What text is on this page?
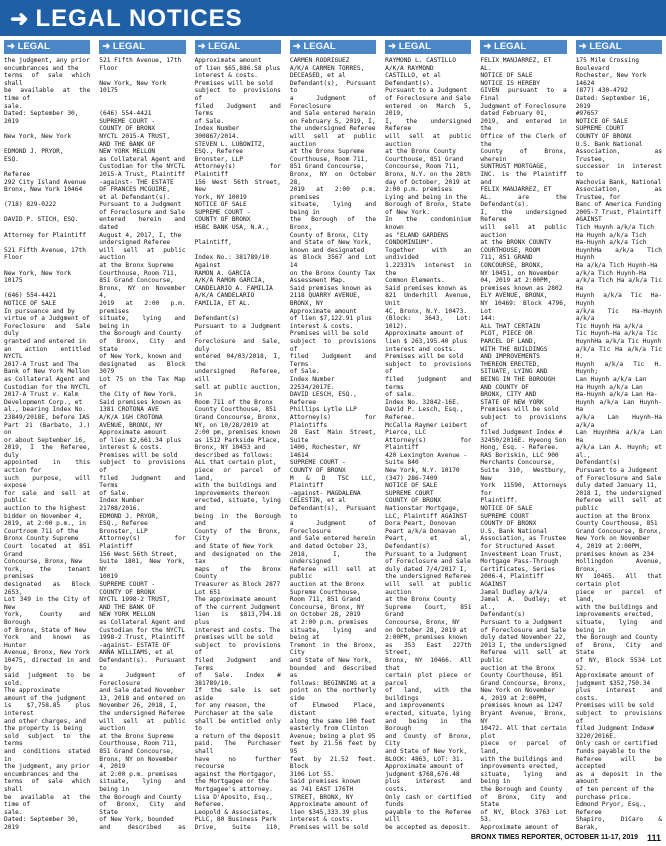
➜ LEGAL NOTICES
➜ LEGAL
the judgment, any prior
encumbrances and the
terms of sale which shall
be available at the time of
sale.
Dated: September 30,
2019

New York, New York

EDMOND J. PRYOR,
ESQ.

Referee
292 City Island Avenue
Bronx, New York 10464

(718) 829-0222

DAVID P. STICH, ESQ.

Attorney for Plaintiff

521 Fifth Avenue, 17th
Floor

New York, New York
10175

(646) 554-4421
NOTICE OF SALE
In pursuance and by
virtue of a Judgment of
Foreclosure and Sale duly
granted and entered in
an action entitled NYCTL
2017-A Trust and The
Bank of New York Mellon
as Collateral Agent and
Custodian for the NYCTL
2017-A Trust v. Kalm
Development Corp., et
al., bearing Index No.
23849/2018E, before IAS
Part 21 (Barbato, J.) on
or about September 16,
2019, I the Referee, duly
appointed in this action for
such purpose, will expose
for sale and sell at public
auction to the highest
bidder on November 4,
2019, at 2:00 p.m., in
Courtroom 711 of the
Bronx County Supreme
Court located at 851 Grand
Concourse, Bronx, New
York, the tenant premises
designated as Block 2653,
Lot 349 in the City of New
York, County and Borough
of Bronx, State of New
York and known as Hunter
Avenue, Bronx, New York
10475, directed in and by
said judgment to be sold.
The approximate
amount of the judgment
is $7,758.85 plus interest
and other charges, and
the property is being
sold subject to the terms
and conditions stated in
the judgment, any prior
encumbrances and the
terms of sale which shall
be available at the time of
sale.
Dated: September 30,
2019

➜ LEGAL
521 Fifth Avenue, 17th
Floor

New York, New York
10175

(646) 554-4421
SUPREME COURT -
COUNTY OF BRONX
NYCTL 2015-A TRUST,
AND THE BANK OF
NEW YORK MELLON
as Collateral Agent and
Custodian for the NYCTL
2015-A Trust, Plaintiff
-against- THE ESTATE
OF FRANCES MCGUIRE,
et al Defendant(s).
Pursuant to a Judgment
of Foreclosure and Sale
entered herein and dated
August 4, 2017, I, the
undersigned Referee
will sell at public auction
at the Bronx Supreme
Courthouse, Room 711,
851 Grand Concourse,
Bronx, NY on November 4,
2019 at 2:00 p.m. premises
situate, lying and being in
the Borough and County
of Bronx, City and State
of New York, known and
designated as Block 3079
Lot 75 on the Tax Map of
the City of New York.
Said premises known as
1381 CROTONA AVE
A/K/A 1GH CROTONA
AVENUE, BRONX, NY
Approximate amount
of lien $2,661.34 plus
interest & costs.
Premises will be sold
subject to provisions of
filed Judgment and Terms
of Sale.
Index Number
21708/2016.
EDMOND J. PRYOR,
ESQ., Referee
Bronster, LLP
Attorney(s) for Plaintiff
156 West 56th Street,
Suite 1801, New York, NY
10019
SUPREME COURT -
COUNTY OF BRONX
NYCTL 1998-2 TRUST,
AND THE BANK OF
NEW YORK MELLON
as Collateral Agent and
Custodian for the NYCTL
1998-2 Trust, Plaintiff
-against- ESTATE OF
ANNA WILLIAMS, et al
Defendant(s). Pursuant to
a Judgment of Foreclosure
and Sale dated November
13, 2018 and entered on
November 26, 2018, I,
the undersigned Referee
will sell at public auction
at the Bronx Supreme
Courthouse, Room 711,
851 Grand Concourse,
Bronx, NY on November
4, 2019
at 2:00 p.m. premises
situate, lying and being in
the Borough and County
of Bronx, City and State
of New York, bounded
and described as

➜ LEGAL
Approximate amount
of lien $65,886.58 plus
interest & costs.
Premises will be sold
subject to provisions of
filed Judgment and Terms
of Sale.
Index Number
300867/2014.
STEVEN L. LUBOWITZ,
ESQ., Referee
Bronster, LLP
Attorney(s) for Plaintiff
156 West 56th Street, New
York, NY 10019
NOTICE OF SALE
SUPREME COURT -
COUNTY OF BRONX
HSBC BANK USA, N.A.,

Plaintiff,

Index No.: 381789/10
Against
RAMON A. GARCIA
A/K/A RAMON GARCIA,
CANDELARIO A. FAMILIA
A/K/A CANDELARIO
FAMILIA, ET AL.

Defendant(s)
Pursuant to a Judgment of
Foreclosure and Sale, duly
entered 04/03/2018, I, the
undersigned Referee, will
sell at public auction, in
Room 711 of the Bronx
County Courthouse, 851
Grand Concourse, Bronx,
NY, on 10/28/2019 at
2:00 pm, premises known
as 1512 Parkside Place,
Bronx, NY 10453 and
described as follows:
ALL that certain plot,
piece or parcel of land,
with the buildings and
improvements thereon
erected, situate, lying and
being in the Borough and
County of the Bronx, City
and State of New York
and designated on the tax
maps of the Bronx County
Treasurer as Block 2877
Lot 651
The approximate amount
of the current Judgment
lien is $813,794.18 plus
interest and costs. The
premises will be sold
subject to provisions of
filed Judgment and Terms
of Sale. Index # 381789/10.
If the sale is set aside
for any reason, the
Purchaser at the sale
shall be entitled only to
a return of the deposit
paid. The Purchaser shall
have no further recourse
against the Mortgagor,
the Mortgagee or the
Mortgagee's attorney.
Lisa D'Aposito, Esq.,
Referee.
Leopold & Associates,
PLLC, 80 Business Park
Drive, Suite 110,

➜ LEGAL
CARMEN RODRIGUEZ
A/K/A CARMEN TORRES,
DECEASED, et al
Defendant(s), Pursuant to
a Judgment of Foreclosure
and Sale entered herein
on February 5, 2019, I,
the undersigned Referee
will sell at public auction
at the Bronx Supreme
Courthouse, Room 711,
851 Grand Concourse,
Bronx, NY on October 28,
2019 at 2:00 p.m. premises
situate, lying and being in
the Borough of the Bronx,
County of Bronx, City
and State of New York,
known and designated
as Block 3567 and Lot 14
on the Bronx County Tax
Assessment Map.
Said premises known as
2118 QUARRY AVENUE,
BRONX, NY
Approximate amount
of lien $7,122.91 plus
interest & costs.
Premises will be sold
subject to provisions of
filed Judgment and Terms
of Sale.
Index Number
22534/2017E.
DAVID LESCH, ESQ.,
Referee
Phillips Lytle LLP
Attorney(s) for Plaintiffs
28 East Main Street, Suite
1400, Rochester, NY
14614
SUPREME COURT -
COUNTY OF BRONX
M & D TSC LLC, Plaintiff
-against- MAGDALENA
CELESTIN, et al
Defendant(s), Pursuant to
a Judgment of Foreclosure
and Sale entered herein
and dated October 23,
2018, I, the undersigned
Referee will sell at public
auction at the Bronx
Supreme Courthouse,
Room 711, 851 Grand
Concourse, Bronx, NY
on October 28, 2019
at 2:00 p.m. premises
situate, lying and being at
Tremont in the Bronx, City
and State of New York,
bounded and described as
follows: BEGINNING at a
point on the northerly side
of Elmwood Place, distant
along the same 100 feet
easterly from Clinton
Avenue; being a plot 95
feet by 21.56 feet by 95
feet by 21.52 feet. Block
3106 Lot 55.
Said premises known
as 741 EAST 176TH
STREET, BRONX, NY
Approximate amount of
lien $345,333.39 plus
interest & costs.
Premises will be sold

➜ LEGAL
RAYMOND L. CASTILLO
A/K/A RAYMOND
CASTILLO, et al
Defendant(s).
Pursuant to a Judgment
of Foreclosure and Sale
entered on March 5, 2019,
I, the undersigned Referee
will sell at public auction
at the Bronx County
Courthouse, 851 Grand
Concourse, Room 711,
Bronx, N.Y. on the 28th
day of October, 2019 at
2:00 p.m. premises
Lying and being in the
Borough of Bronx, State
of New York.
In the condominium known
as "ELAND GARDENS
CONDOMINIUM".
Together with an undivided
1.22331% interest in the
Common Elements.
Said premises known as
821 Underhill Avenue, Unit
4C, Bronx, N.Y. 10473.
(Block: 3643, Lot: 1012).
Approximate amount of
lien $ 263,195.40 plus
interest and costs.
Premises will be sold
subject to provisions of
filed judgment and terms
of sale.
Index No. 32842-16E.
David P. Lesch, Esq.,
Referee.
McCalla Raymer Leibert
Pierce, LLC
Attorney(s) for Plaintiff
420 Lexington Avenue -
Suite 840
New York, N.Y. 10170
(347) 286-7409
NOTICE OF SALE
SUPREME COURT
COUNTY OF BRONX
Nationstar Mortgage,
LLC, Plaintiff AGAINST
Dora Peart, Donovan
Peart a/k/a Donavan
Peart, et al, Defendant(s)
Pursuant to a Judgment
of Foreclosure and Sale
duly dated 7/4/2017 I,
the undersigned Referee
will sell at public auction
at the Bronx County
Supreme Court, 851 Grand
Concourse, Bronx, NY
on October 28, 2019 at
2:00PM, premises known
as 353 East 227th Street,
Bronx, NY 10466. All that
certain plot piece or parcel
of land, with the buildings
and improvements
erected, situate, lying
and being in the Borough
and County of Bronx, City
and State of New York,
BLOCK: 4863, LOT: 31.
Approximate amount of
judgment $768,676.48
plus interest and costs.
Only cash or certified funds
payable to the Referee will
be accepted as deposit.

➜ LEGAL
FELIX MANJARREZ, ET
AL.
NOTICE OF SALE
NOTICE IS HEREBY
GIVEN pursuant to a Final
Judgment of Foreclosure
dated February 01,
2019, and entered in the
Office of the Clerk of the
County of Bronx, wherein
SUNTRUST MORTGAGE,
INC. is the Plaintiff and
FELIX MANJARREZ, ET
AL. are the Defendant(s).
I, the undersigned Referee
will sell at public auction
at the BRONX COUNTY
COURTHOUSE, ROOM
711, 851 GRAND
CONCOURSE, BRONX,
NY 10451, on November
04, 2019 at 2:00PM,
premises known as 2802
ELY AVENUE, BRONX,
NY 10469: Block 4796, Lot
144:
ALL THAT CERTAIN
PLOT, PIECE OR
PARCEL OF LAND,
WITH THE BUILDINGS
AND IMPROVEMENTS
THEREON ERECTED,
SITUATE, LYING AND
BEING IN THE BOROUGH
AND COUNTY OF
BRONX, CITY AND
STATE OF NEW YORK
Premises will be sold
subject to provisions of
filed Judgment Index #
32450/2016E. Hyeong Son
Hong, Esq. - Referee.
RAS Boriskin, LLC 900
Merchants Concourse,
Suite 310, Westbury, New
York 11590, Attorneys for
Plaintiff.
NOTICE OF SALE
SUPREME COURT
COUNTY OF BRONX
U.S. Bank National
Association, as Trustee
for Structured Asset
Investment Loan Trust,
Mortgage Pass-Through
Certificates, Series
2006-4, Plaintiff
AGAINST
Jamal Dudley a/k/a
Jamal A. Dudley; et al.,
Defendant(s)
Pursuant to a Judgment
of Foreclosure and Sale
duly dated November 22,
2013 I, the undersigned
Referee will sell at public
auction at the Bronx
County Courthouse, 851
Grand Concourse, Bronx,
New York on November
4, 2019 at 2:00PM,
premises known as 1247
Bryant Avenue, Bronx, NY
10472. All that certain plot
piece or parcel of land,
with the buildings and
improvements erected,
situate, lying and being in
the Borough and County
of Bronx, City and State
of NY, Block 3763 Lot 53.
Approximate amount of

➜ LEGAL
175 Mile Crossing
Boulevard
Rochester, New York
14624
(877) 430-4792
Dated: September 16,
2019
#97657
NOTICE OF SALE
SUPREME COURT
COUNTY OF BRONX
U.S. Bank National
Association, as Trustee,
successor in interest to
Wachovia Bank, National
Association, as Trustee, for
Banc of America Funding
2005-7 Trust, Plaintiff
AGAINST
Tich Huynh a/k/a Tich
Ha Huynh a/k/a Tich
Ha-Huynh a/k/a Tich
HuynhHa a/k/a Tich Huynh
Ha a/k/a Tich Huynh-Ha
a/k/a Tich Huynh-Ha
a/k/a Tich Ha a/k/a Tic Ha
Huynh a/k/a Tic Ha-Huynh
a/k/a Tic Ha-Huynh a/k/a
Tic Huynh Ha a/k/a
Tic Huynh-Ha a/k/a Tic
HuynhHa a/k/a Tic Huynh
a/k/a Tic Ha a/k/a Tic H.
Huynh a/k/a Tic H. Huynh;
Lan Huynh a/k/a Lan
Ha Huynh a/k/a Lan
Ha-Huynh a/k/a Lan Ha-
Huynh a/k/a Lan Huynh-Ha
a/k/a Lan Huynh-Ha a/k/a
Lan HuynhHa a/k/a Lan Ha
a/k/a Lan A. Huynh; et al.,
Defendant(s)
Pursuant to a Judgment
of Foreclosure and Sale
duly dated January 11,
2018 I, the undersigned
Referee will sell at public
auction at the Bronx
County Courthouse, 851
Grand Concourse, Bronx,
New York on November
4, 2019 at 2:00PM,
premises known as 234
Hollingdon Avenue, Bronx,
NY 10465. All that certain plot
piece or parcel of land,
with the buildings and
improvements erected,
situate, lying and being in
the Borough and County
of Bronx, City and State
of NY, Block 5534 Lot 52.
Approximate amount of
judgment $352,750.34
plus interest and costs.
Premises will be sold
subject to provisions of
filed Judgment Index#
3220/2016E.
Only cash or certified
funds payable to the
Referee will be accepted
as a deposit in the amount
of ten percent of the
purchase price.
Edmond Pryor, Esq.,
Referee
Shapiro, DiCaro & Barak,

BRONX TIMES REPORTER, OCTOBER 11-17, 2019 111
